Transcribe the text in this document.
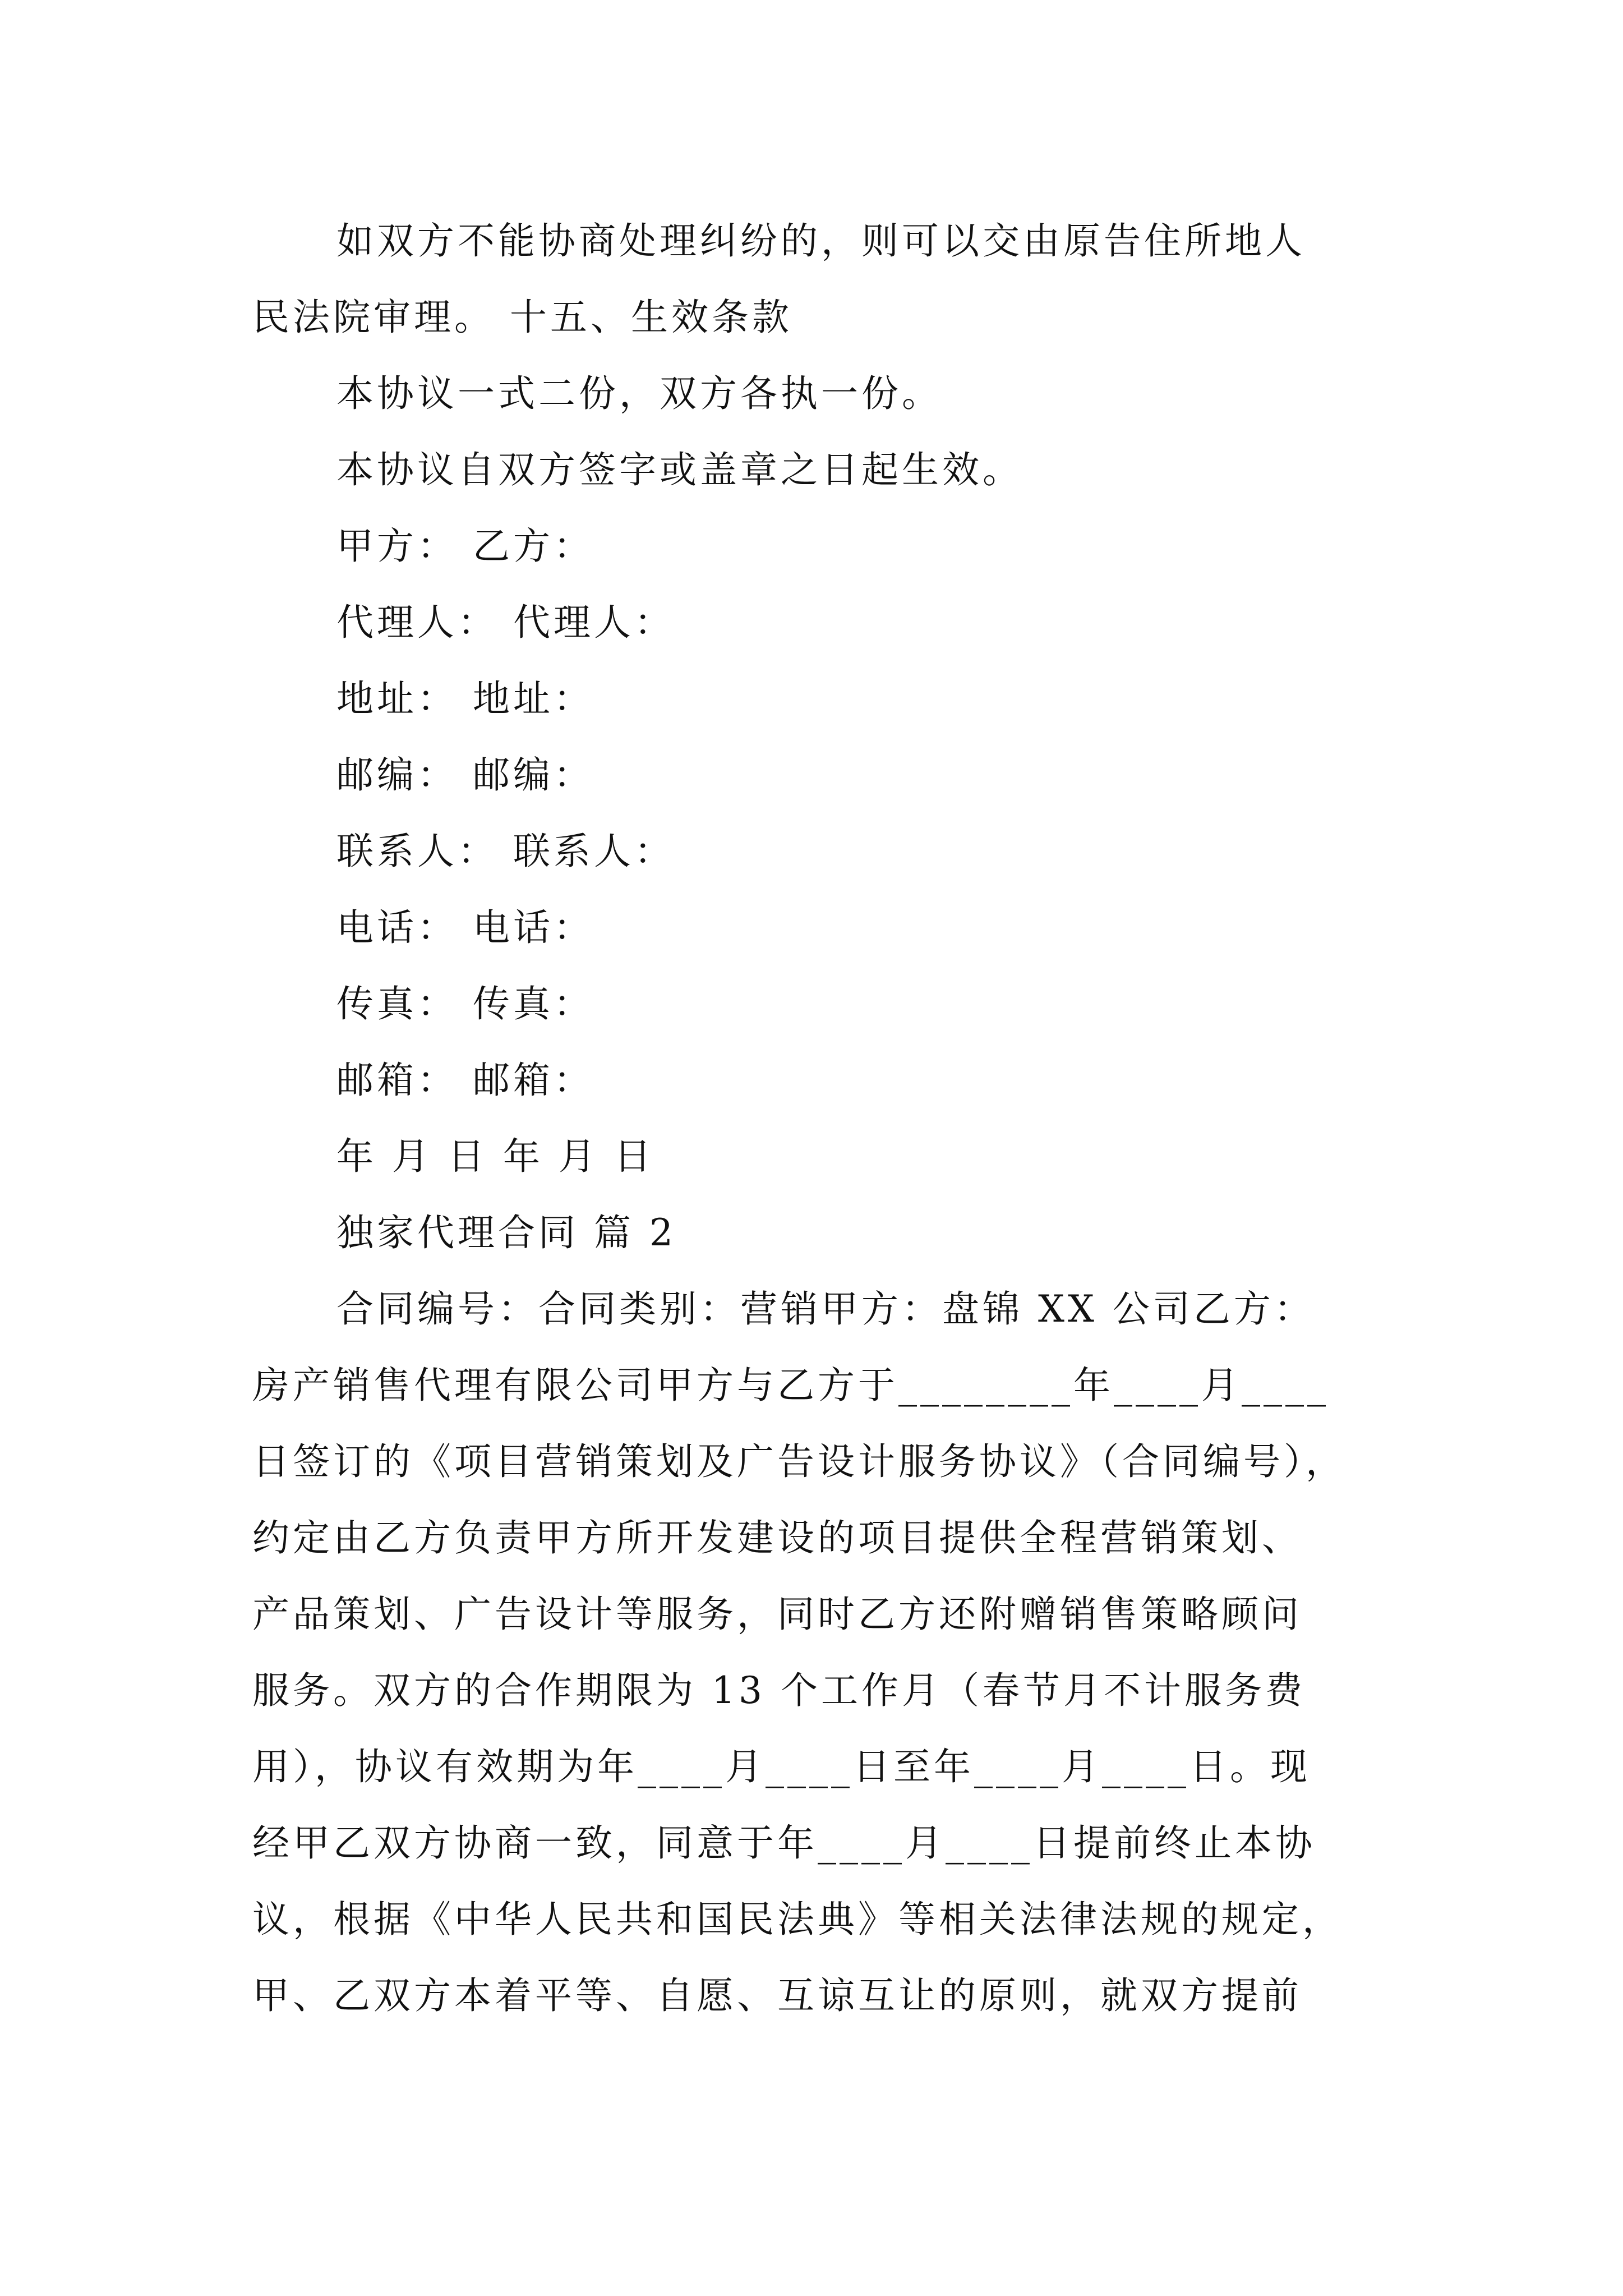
如双方不能协商处理纠纷的，则可以交由原告住所地人
民法院审理。 十五、生效条款
本协议一式二份，双方各执一份。
本协议自双方签字或盖章之日起生效。
甲方： 乙方：
代理人： 代理人：
地址： 地址：
邮编： 邮编：
联系人： 联系人：
电话： 电话：
传真： 传真：
邮箱： 邮箱：
年 月 日 年 月 日
独家代理合同 篇 2
合同编号：合同类别：营销甲方：盘锦 XX 公司乙方：
房产销售代理有限公司甲方与乙方于________年____月____
日签订的《项目营销策划及广告设计服务协议》（合同编号），
约定由乙方负责甲方所开发建设的项目提供全程营销策划、
产品策划、广告设计等服务，同时乙方还附赠销售策略顾问
服务。双方的合作期限为 13 个工作月（春节月不计服务费
用），协议有效期为年____月____日至年____月____日。现
经甲乙双方协商一致，同意于年____月____日提前终止本协
议，根据《中华人民共和国民法典》等相关法律法规的规定，
甲、乙双方本着平等、自愿、互谅互让的原则，就双方提前
